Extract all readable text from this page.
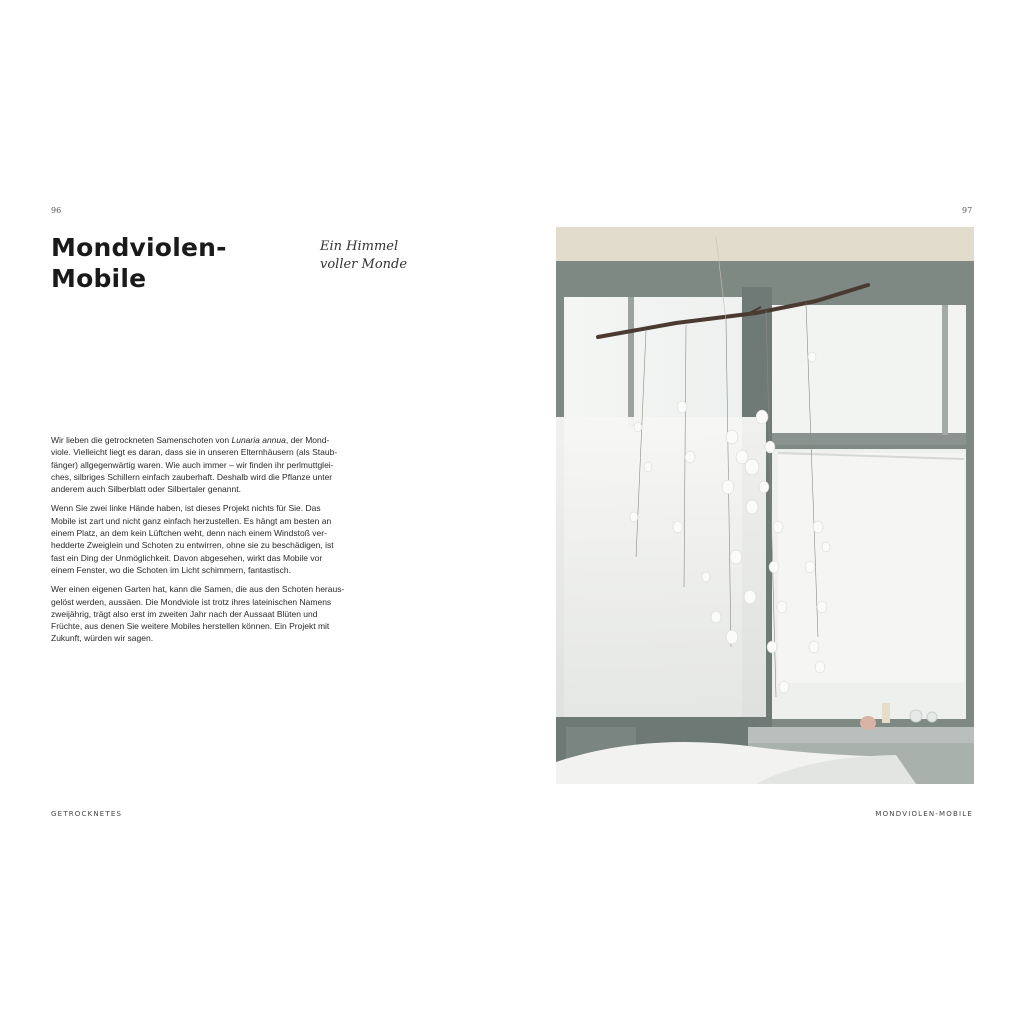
96
Mondviolen-
Mobile
Ein Himmel
voller Monde

Wir lieben die getrockneten Samenschoten von Lunaria annua, der Mond-
viole. Vielleicht liegt es daran, dass sie in unseren Elternhäusern (als Staub-
fänger) allgegenwärtig waren. Wie auch immer – wir finden ihr perlmuttglei-
ches, silbriges Schillern einfach zauberhaft. Deshalb wird die Pflanze unter
anderem auch Silberblatt oder Silbertaler genannt.

Wenn Sie zwei linke Hände haben, ist dieses Projekt nichts für Sie. Das
Mobile ist zart und nicht ganz einfach herzustellen. Es hängt am besten an
einem Platz, an dem kein Lüftchen weht, denn nach einem Windstoß ver-
hedderte Zweiglein und Schoten zu entwirren, ohne sie zu beschädigen, ist
fast ein Ding der Unmöglichkeit. Davon abgesehen, wirkt das Mobile vor
einem Fenster, wo die Schoten im Licht schimmern, fantastisch.

Wer einen eigenen Garten hat, kann die Samen, die aus den Schoten heraus-
gelöst werden, aussäen. Die Mondviole ist trotz ihres lateinischen Namens
zweijährig, trägt also erst im zweiten Jahr nach der Aussaat Blüten und
Früchte, aus denen Sie weitere Mobiles herstellen können. Ein Projekt mit
Zukunft, würden wir sagen.

GETROCKNETES
97
MONDVIOLEN-MOBILE
